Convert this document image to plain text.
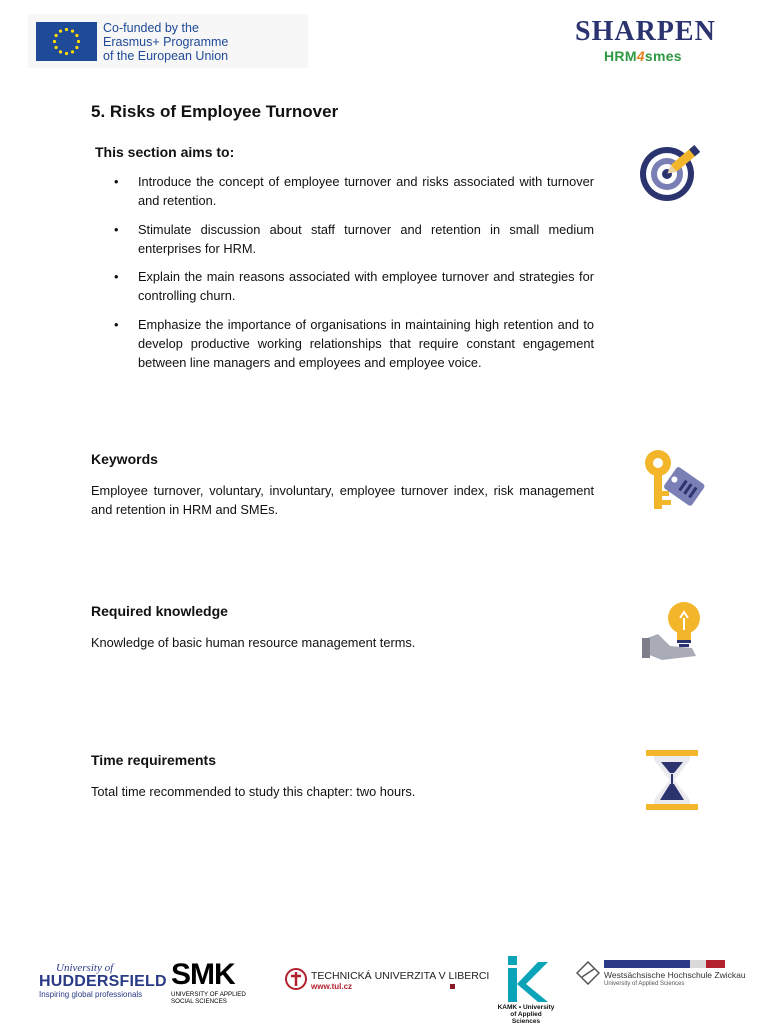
Co-funded by the
Erasmus+ Programme
of the European Union
SHARPEN
HRM4smes
5. Risks of Employee Turnover
This section aims to:
• Introduce the concept of employee turnover and risks associated with turnover and retention.
• Stimulate discussion about staff turnover and retention in small medium enterprises for HRM.
• Explain the main reasons associated with employee turnover and strategies for controlling churn.
• Emphasize the importance of organisations in maintaining high retention and to develop productive working relationships that require constant engagement between line managers and employees and employee voice.
Keywords
Employee turnover, voluntary, involuntary, employee turnover index, risk management and retention in HRM and SMEs.
Required knowledge
Knowledge of basic human resource management terms.
Time requirements
Total time recommended to study this chapter: two hours.
University of
HUDDERSFIELD
Inspiring global professionals
SMK
UNIVERSITY OF APPLIED SOCIAL SCIENCES
TECHNICKÁ UNIVERZITA V LIBERCI
www.tul.cz
KAMK • University of Applied Sciences
Westsächsische Hochschule Zwickau
University of Applied Sciences
